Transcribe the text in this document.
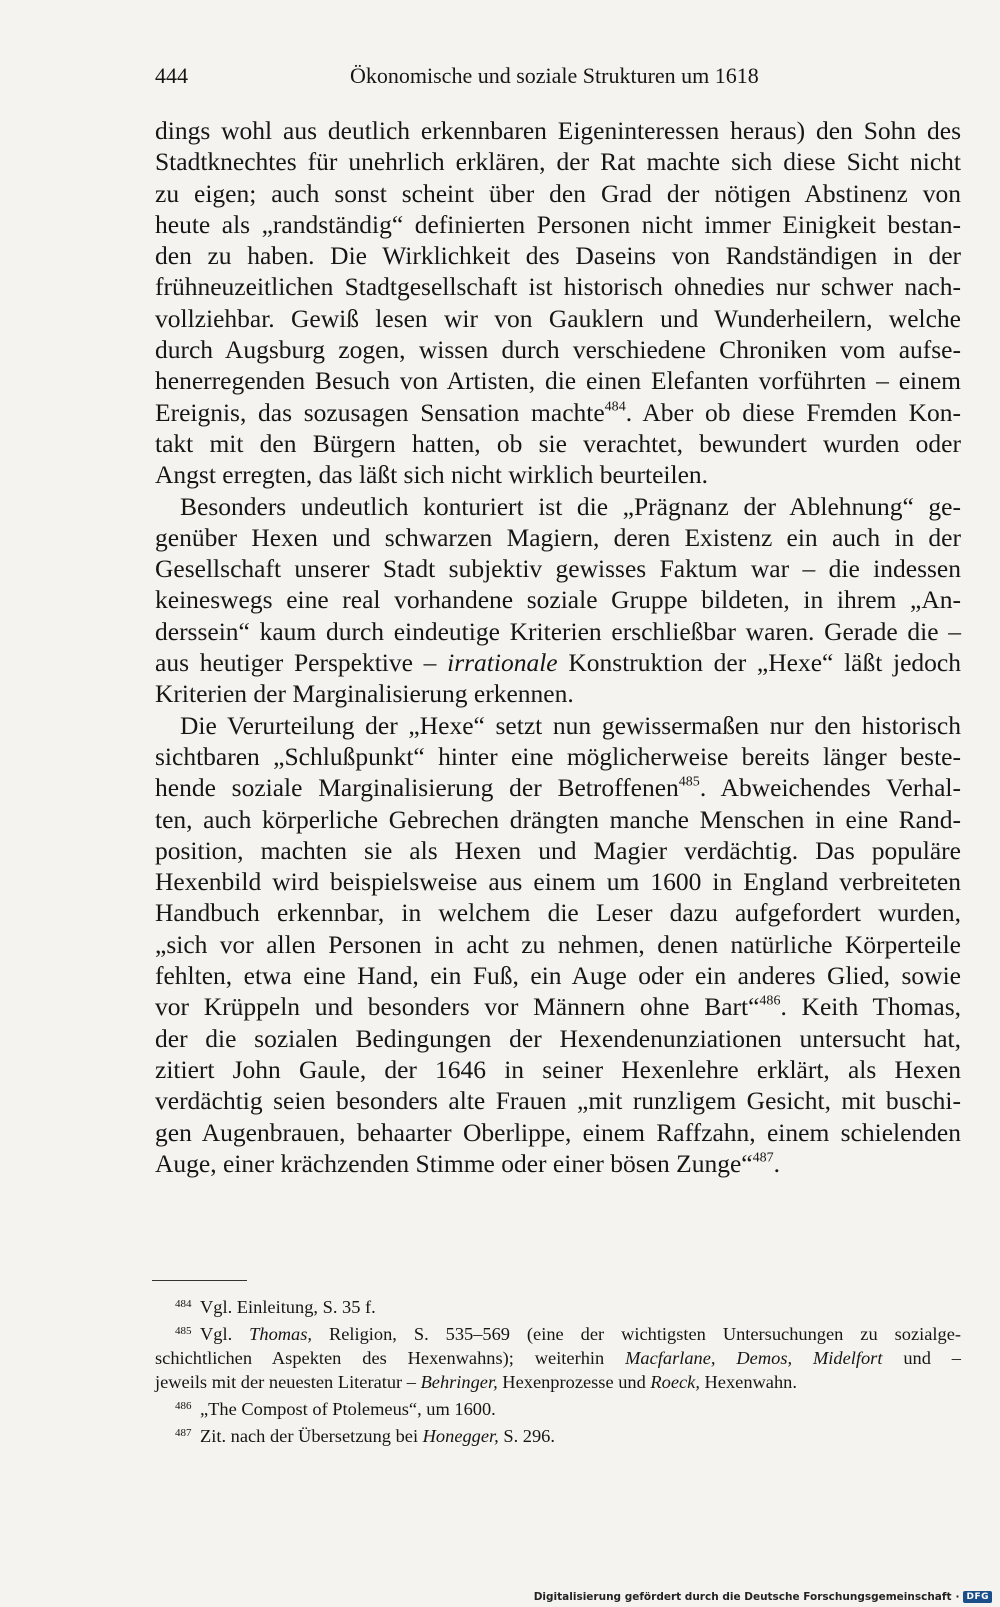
444	Ökonomische und soziale Strukturen um 1618
dings wohl aus deutlich erkennbaren Eigeninteressen heraus) den Sohn des
Stadtknechtes für unehrlich erklären, der Rat machte sich diese Sicht nicht
zu eigen; auch sonst scheint über den Grad der nötigen Abstinenz von
heute als „randständig“ definierten Personen nicht immer Einigkeit bestan-
den zu haben. Die Wirklichkeit des Daseins von Randständigen in der
frühneuzeitlichen Stadtgesellschaft ist historisch ohnedies nur schwer nach-
vollziehbar. Gewiß lesen wir von Gauklern und Wunderheilern, welche
durch Augsburg zogen, wissen durch verschiedene Chroniken vom aufse-
henerregenden Besuch von Artisten, die einen Elefanten vorführten – einem
Ereignis, das sozusagen Sensation machte$^{484}$. Aber ob diese Fremden Kon-
takt mit den Bürgern hatten, ob sie verachtet, bewundert wurden oder
Angst erregten, das läßt sich nicht wirklich beurteilen.
Besonders undeutlich konturiert ist die „Prägnanz der Ablehnung“ ge-
genüber Hexen und schwarzen Magiern, deren Existenz ein auch in der
Gesellschaft unserer Stadt subjektiv gewisses Faktum war – die indessen
keineswegs eine real vorhandene soziale Gruppe bildeten, in ihrem „An-
derssein“ kaum durch eindeutige Kriterien erschließbar waren. Gerade die –
aus heutiger Perspektive – irrationale Konstruktion der „Hexe“ läßt jedoch
Kriterien der Marginalisierung erkennen.
Die Verurteilung der „Hexe“ setzt nun gewissermaßen nur den historisch
sichtbaren „Schlußpunkt“ hinter eine möglicherweise bereits länger beste-
hende soziale Marginalisierung der Betroffenen$^{485}$. Abweichendes Verhal-
ten, auch körperliche Gebrechen drängten manche Menschen in eine Rand-
position, machten sie als Hexen und Magier verdächtig. Das populäre
Hexenbild wird beispielsweise aus einem um 1600 in England verbreiteten
Handbuch erkennbar, in welchem die Leser dazu aufgefordert wurden,
„sich vor allen Personen in acht zu nehmen, denen natürliche Körperteile
fehlten, etwa eine Hand, ein Fuß, ein Auge oder ein anderes Glied, sowie
vor Krüppeln und besonders vor Männern ohne Bart“$^{486}$. Keith Thomas,
der die sozialen Bedingungen der Hexendenunziationen untersucht hat,
zitiert John Gaule, der 1646 in seiner Hexenlehre erklärt, als Hexen
verdächtig seien besonders alte Frauen „mit runzligem Gesicht, mit buschi-
gen Augenbrauen, behaarter Oberlippe, einem Raffzahn, einem schielenden
Auge, einer krächzenden Stimme oder einer bösen Zunge“$^{487}$.
484 Vgl. Einleitung, S. 35 f.
485 Vgl. Thomas, Religion, S. 535–569 (eine der wichtigsten Untersuchungen zu sozialge-
schichtlichen Aspekten des Hexenwahns); weiterhin Macfarlane, Demos, Midelfort und –
jeweils mit der neuesten Literatur – Behringer, Hexenprozesse und Roeck, Hexenwahn.
486 „The Compost of Ptolemeus“, um 1600.
487 Zit. nach der Übersetzung bei Honegger, S. 296.
Digitalisierung gefördert durch die Deutsche Forschungsgemeinschaft · DFG
